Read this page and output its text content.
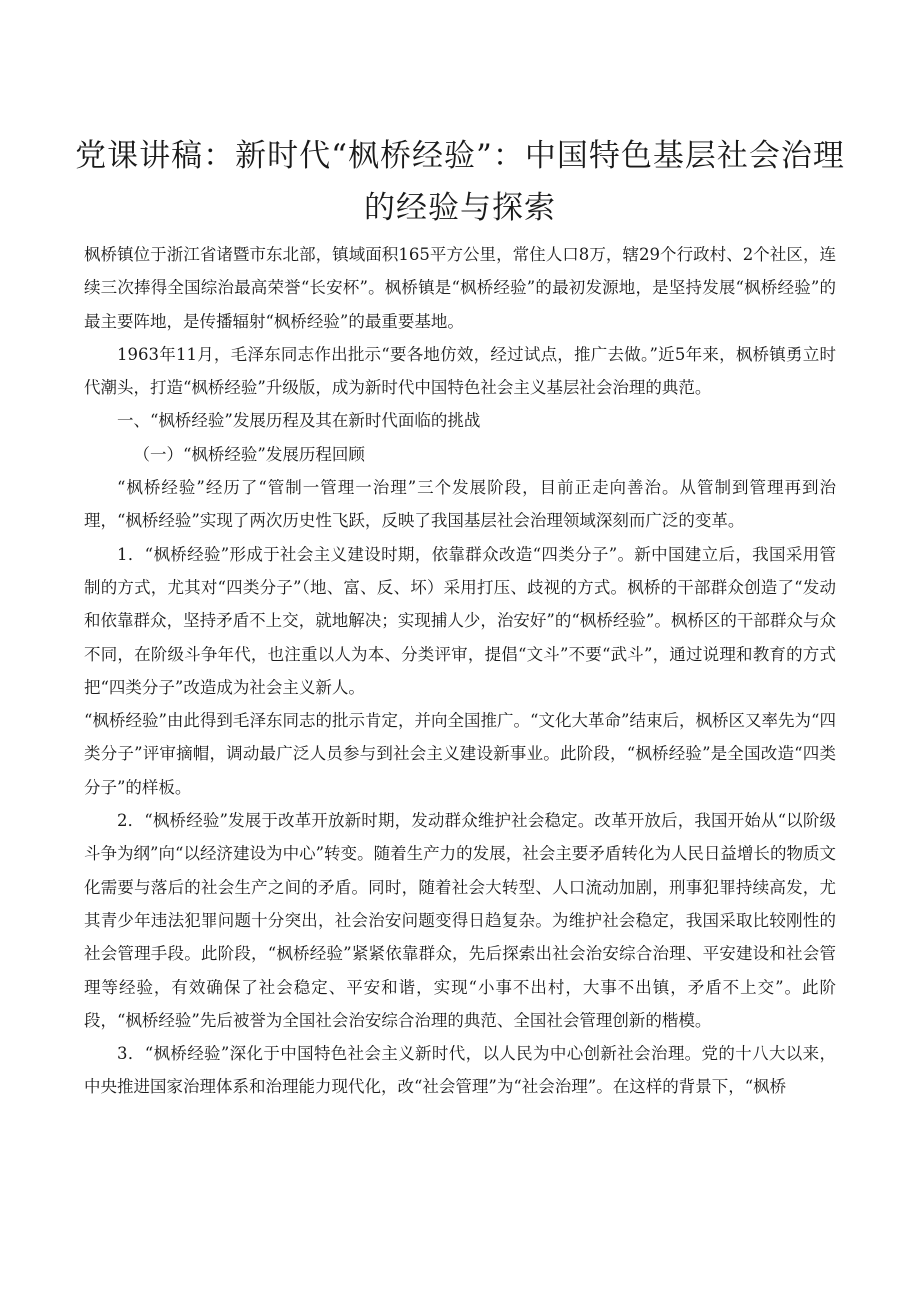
党课讲稿：新时代“枫桥经验”：中国特色基层社会治理的经验与探索

枫桥镇位于浙江省诸暨市东北部，镇域面积165平方公里，常住人口8万，辖29个行政村、2个社区，连续三次捧得全国综治最高荣誉“长安杯”。枫桥镇是“枫桥经验”的最初发源地，是坚持发展“枫桥经验”的最主要阵地，是传播辐射“枫桥经验”的最重要基地。

1963年11月，毛泽东同志作出批示“要各地仿效，经过试点，推广去做。”近5年来，枫桥镇勇立时代潮头，打造“枫桥经验”升级版，成为新时代中国特色社会主义基层社会治理的典范。

一、“枫桥经验”发展历程及其在新时代面临的挑战

（一）“枫桥经验”发展历程回顾

“枫桥经验”经历了“管制一管理一治理”三个发展阶段，目前正走向善治。从管制到管理再到治理，“枫桥经验”实现了两次历史性飞跃，反映了我国基层社会治理领域深刻而广泛的变革。

1．“枫桥经验”形成于社会主义建设时期，依靠群众改造“四类分子”。新中国建立后，我国采用管制的方式，尤其对“四类分子”（地、富、反、坏）采用打压、歧视的方式。枫桥的干部群众创造了“发动和依靠群众，坚持矛盾不上交，就地解决；实现捕人少，治安好”的“枫桥经验”。枫桥区的干部群众与众不同，在阶级斗争年代，也注重以人为本、分类评审，提倡“文斗”不要“武斗”，通过说理和教育的方式把“四类分子”改造成为社会主义新人。

“枫桥经验”由此得到毛泽东同志的批示肯定，并向全国推广。“文化大革命”结束后，枫桥区又率先为“四类分子”评审摘帽，调动最广泛人员参与到社会主义建设新事业。此阶段，“枫桥经验”是全国改造“四类分子”的样板。

2．“枫桥经验”发展于改革开放新时期，发动群众维护社会稳定。改革开放后，我国开始从“以阶级斗争为纲”向“以经济建设为中心”转变。随着生产力的发展，社会主要矛盾转化为人民日益增长的物质文化需要与落后的社会生产之间的矛盾。同时，随着社会大转型、人口流动加剧，刑事犯罪持续高发，尤其青少年违法犯罪问题十分突出，社会治安问题变得日趋复杂。为维护社会稳定，我国采取比较刚性的社会管理手段。此阶段，“枫桥经验”紧紧依靠群众，先后探索出社会治安综合治理、平安建设和社会管理等经验，有效确保了社会稳定、平安和谐，实现“小事不出村，大事不出镇，矛盾不上交”。此阶段，“枫桥经验”先后被誉为全国社会治安综合治理的典范、全国社会管理创新的楷模。

3．“枫桥经验”深化于中国特色社会主义新时代，以人民为中心创新社会治理。党的十八大以来，中央推进国家治理体系和治理能力现代化，改“社会管理”为“社会治理”。在这样的背景下，“枫桥
